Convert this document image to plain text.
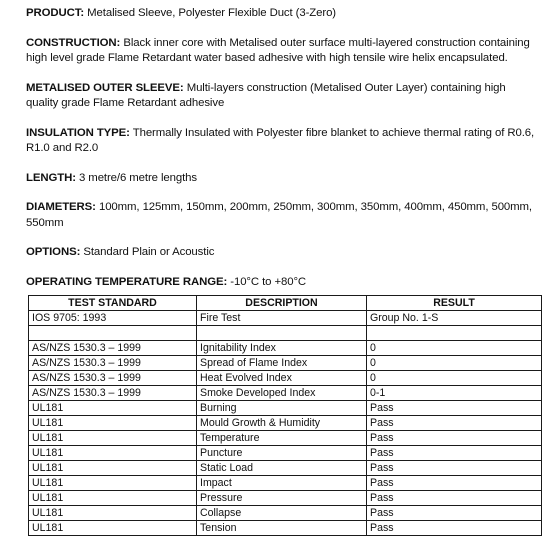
PRODUCT: Metalised Sleeve, Polyester Flexible Duct (3-Zero)

CONSTRUCTION: Black inner core with Metalised outer surface multi-layered construction containing high level grade Flame Retardant water based adhesive with high tensile wire helix encapsulated.

METALISED OUTER SLEEVE: Multi-layers construction (Metalised Outer Layer) containing high quality grade Flame Retardant adhesive

INSULATION TYPE: Thermally Insulated with Polyester fibre blanket to achieve thermal rating of R0.6, R1.0 and R2.0

LENGTH: 3 metre/6 metre lengths

DIAMETERS: 100mm, 125mm, 150mm, 200mm, 250mm, 300mm, 350mm, 400mm, 450mm, 500mm, 550mm

OPTIONS: Standard Plain or Acoustic

OPERATING TEMPERATURE RANGE: -10°C to +80°C

TEST STANDARD	DESCRIPTION	RESULT
IOS 9705: 1993	Fire Test	Group No. 1-S

AS/NZS 1530.3 – 1999	Ignitability Index	0
AS/NZS 1530.3 – 1999	Spread of Flame Index	0
AS/NZS 1530.3 – 1999	Heat Evolved Index	0
AS/NZS 1530.3 – 1999	Smoke Developed Index	0-1
UL181	Burning	Pass
UL181	Mould Growth & Humidity	Pass
UL181	Temperature	Pass
UL181	Puncture	Pass
UL181	Static Load	Pass
UL181	Impact	Pass
UL181	Pressure	Pass
UL181	Collapse	Pass
UL181	Tension	Pass
